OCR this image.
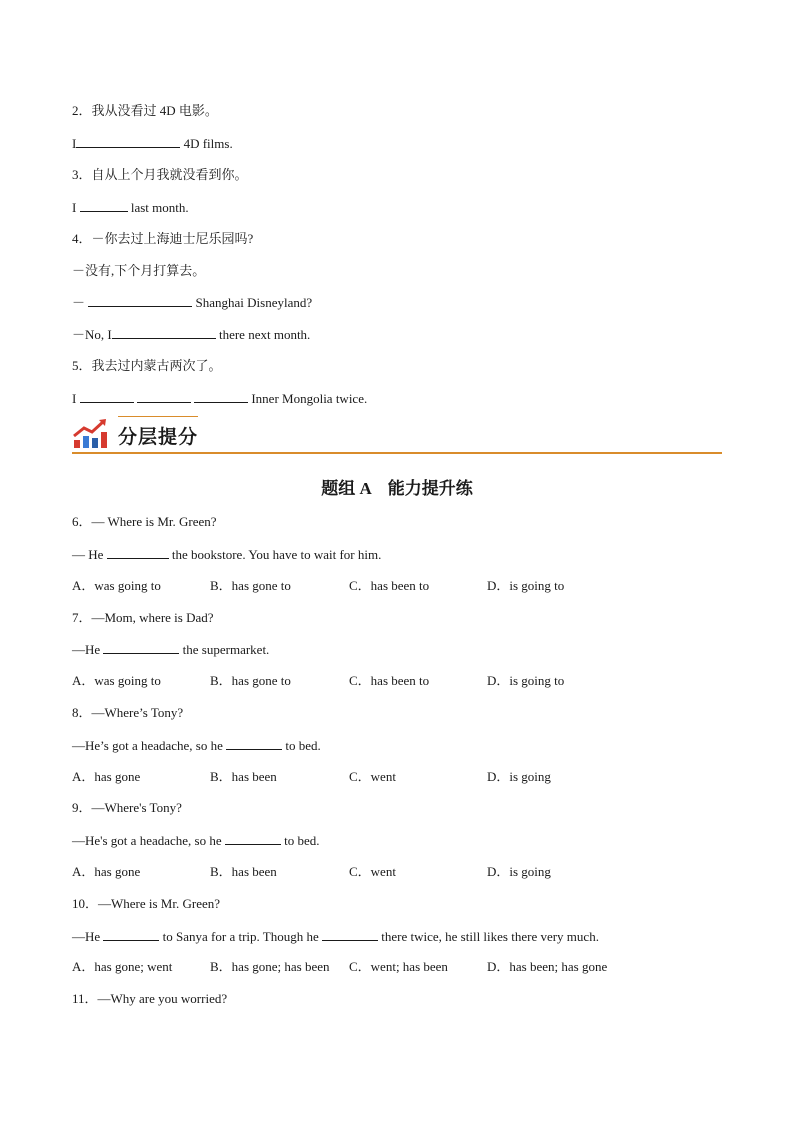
2．我从没看过 4D 电影。
I	4D films.
3．自从上个月我就没看到你。
I	last month.
4．－你去过上海迪士尼乐园吗?
－没有,下个月打算去。
－	Shanghai Disneyland?
－No, I	there next month.
5．我去过内蒙古两次了。
I	Inner Mongolia twice.
分层提分
题组 A　能力提升练
6．— Where is Mr. Green?
— He	the bookstore. You have to wait for him.
A．was going to	B．has gone to	C．has been to	D．is going to
7．—Mom, where is Dad?
—He	the supermarket.
A．was going to	B．has gone to	C．has been to	D．is going to
8．—Where’s Tony?
—He’s got a headache, so he	to bed.
A．has gone	B．has been	C．went	D．is going
9．—Where's Tony?
—He's got a headache, so he	to bed.
A．has gone	B．has been	C．went	D．is going
10．—Where is Mr. Green?
—He	to Sanya for a trip. Though he	there twice, he still likes there very much.
A．has gone; went	B．has gone; has been C．went; has been	D．has been; has gone
11．—Why are you worried?
